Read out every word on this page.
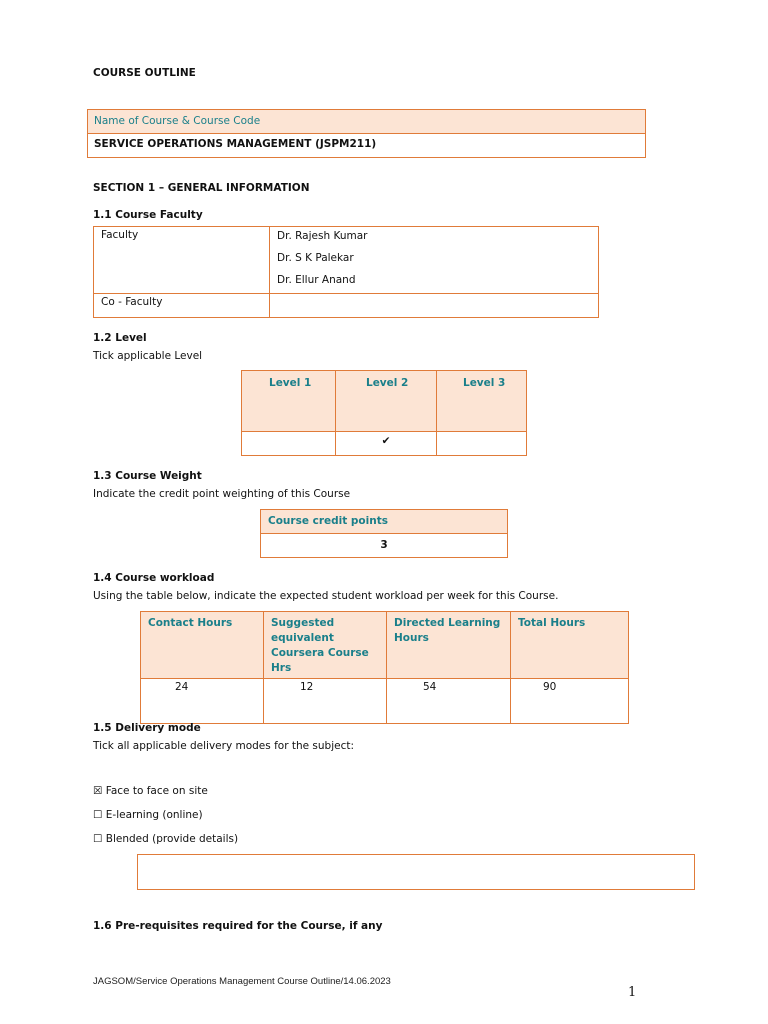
COURSE OUTLINE
Name of Course & Course Code

SERVICE OPERATIONS MANAGEMENT (JSPM211)
SECTION 1 – GENERAL INFORMATION
1.1 Course Faculty
Faculty	Dr. Rajesh Kumar
Dr. S K Palekar
Dr. Ellur Anand

Co - Faculty	

1.2 Level
Tick applicable Level
Level 1	Level 2	Level 3

	✔	

1.3 Course Weight
Indicate the credit point weighting of this Course
Course credit points

3
1.4 Course workload
Using the table below, indicate the expected student workload per week for this Course.
Contact Hours	Suggested equivalent Coursera Course Hrs	Directed Learning Hours	Total Hours

24	12	54	90
1.5 Delivery mode
Tick all applicable delivery modes for the subject:
☒ Face to face on site
☐ E-learning (online)
☐ Blended (provide details)
1.6 Pre-requisites required for the Course, if any
JAGSOM/Service Operations Management Course Outline/14.06.2023
1
